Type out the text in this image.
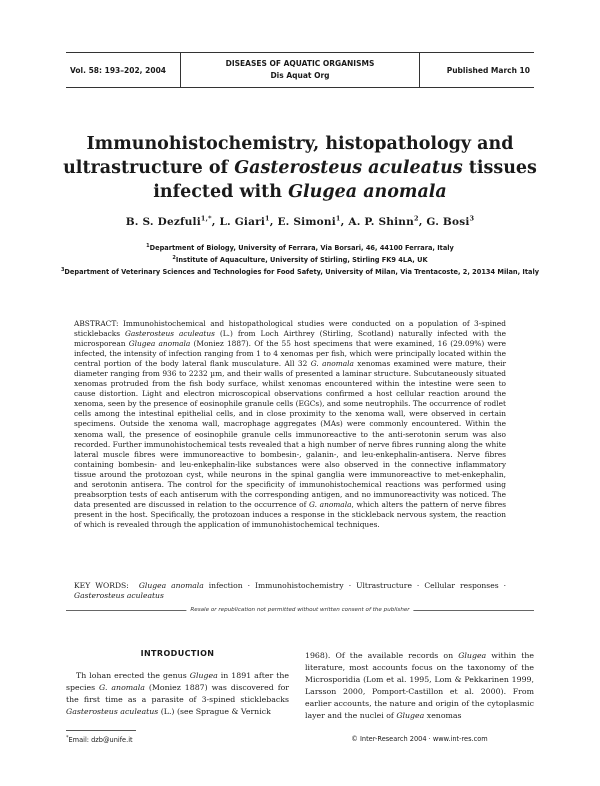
Vol. 58: 193–202, 2004
DISEASES OF AQUATIC ORGANISMS
Dis Aquat Org
Published March 10
Immunohistochemistry, histopathology and
ultrastructure of Gasterosteus aculeatus tissues
infected with Glugea anomala
B. S. Dezfuli$^{1,*}$, L. Giari$^1$, E. Simoni$^1$, A. P. Shinn$^2$, G. Bosi$^3$
$^1$Department of Biology, University of Ferrara, Via Borsari, 46, 44100 Ferrara, Italy
$^2$Institute of Aquaculture, University of Stirling, Stirling FK9 4LA, UK
$^3$Department of Veterinary Sciences and Technologies for Food Safety, University of Milan, Via Trentacoste, 2, 20134 Milan, Italy
ABSTRACT: Immunohistochemical and histopathological studies were conducted on a population of 3-spined sticklebacks Gasterosteus aculeatus (L.) from Loch Airthrey (Stirling, Scotland) naturally infected with the microsporean Glugea anomala (Moniez 1887). Of the 55 host specimens that were examined, 16 (29.09%) were infected, the intensity of infection ranging from 1 to 4 xenomas per fish, which were principally located within the central portion of the body lateral flank musculature. All 32 G. anomala xenomas examined were mature, their diameter ranging from 936 to 2232 µm, and their walls of presented a laminar structure. Subcutaneously situated xenomas protruded from the fish body surface, whilst xenomas encountered within the intestine were seen to cause distortion. Light and electron microscopical observations confirmed a host cellular reaction around the xenoma, seen by the presence of eosinophile granule cells (EGCs), and some neutrophils. The occurrence of rodlet cells among the intestinal epithelial cells, and in close proximity to the xenoma wall, were observed in certain specimens. Outside the xenoma wall, macrophage aggregates (MAs) were commonly encountered. Within the xenoma wall, the presence of eosinophile granule cells immunoreactive to the anti-serotonin serum was also recorded. Further immunohistochemical tests revealed that a high number of nerve fibres running along the white lateral muscle fibres were immunoreactive to bombesin-, galanin-, and leu-enkephalin-antisera. Nerve fibres containing bombesin- and leu-enkephalin-like substances were also observed in the connective inflammatory tissue around the protozoan cyst, while neurons in the spinal ganglia were immunoreactive to met-enkephalin, and serotonin antisera. The control for the specificity of immunohistochemical reactions was performed using preabsorption tests of each antiserum with the corresponding antigen, and no immunoreactivity was noticed. The data presented are discussed in relation to the occurrence of G. anomala, which alters the pattern of nerve fibres present in the host. Specifically, the protozoan induces a response in the stickleback nervous system, the reaction of which is revealed through the application of immunohistochemical techniques.
KEY WORDS: Glugea anomala infection · Immunohistochemistry · Ultrastructure · Cellular responses · Gasterosteus aculeatus
Resale or republication not permitted without written consent of the publisher
INTRODUCTION

Th lohan erected the genus Glugea in 1891 after the species G. anomala (Moniez 1887) was discovered for the first time as a parasite of 3-spined sticklebacks Gasterosteus aculeatus (L.) (see Sprague & Vernick

1968). Of the available records on Glugea within the literature, most accounts focus on the taxonomy of the Microsporidia (Lom et al. 1995, Lom & Pekkarinen 1999, Larsson 2000, Pomport-Castillon et al. 2000). From earlier accounts, the nature and origin of the cytoplasmic layer and the nuclei of Glugea xenomas

*Email: dzb@unife.it	© Inter-Research 2004 · www.int-res.com
